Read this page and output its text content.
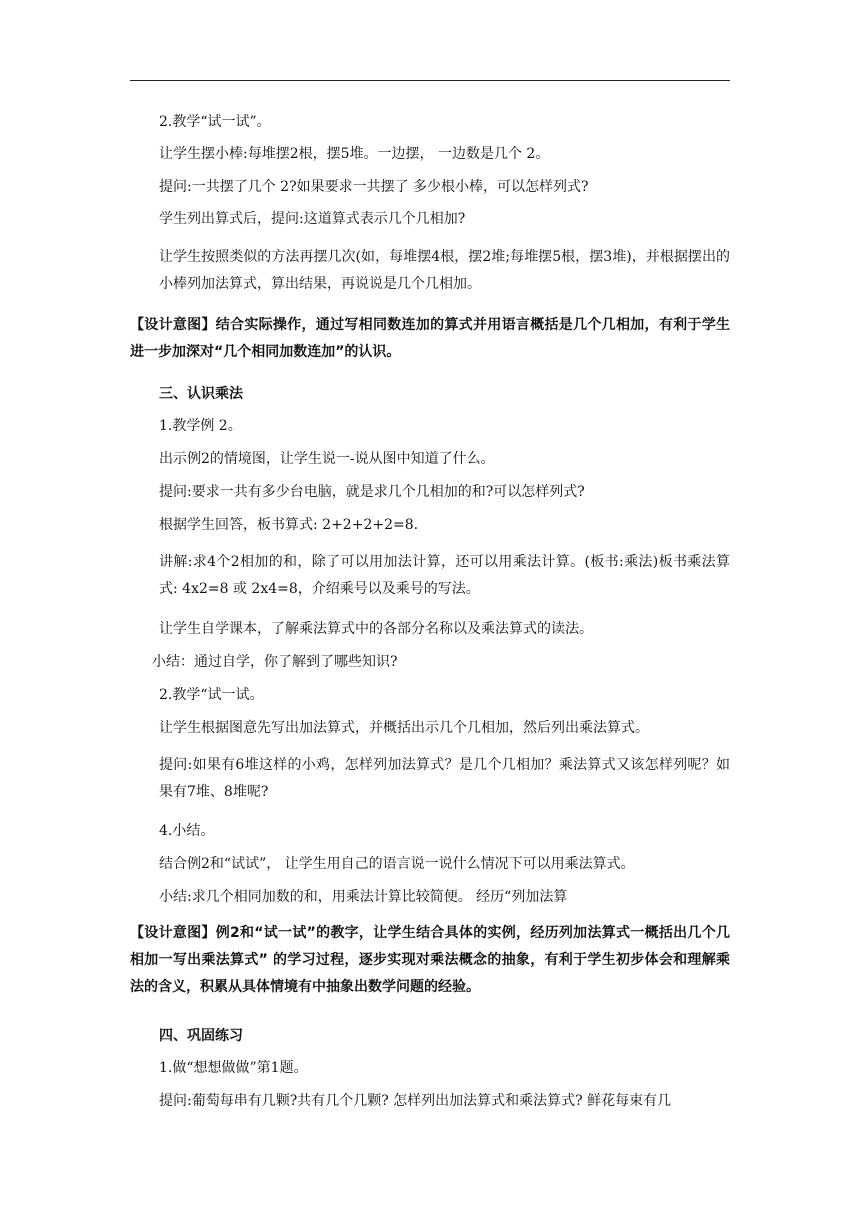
2.教学“试一试”。
让学生摆小棒:每堆摆2根，摆5堆。一边摆， 一边数是几个 2。
提问:一共摆了几个 2?如果要求一共摆了 多少根小棒，可以怎样列式?
学生列出算式后，提问:这道算式表示几个几相加?
让学生按照类似的方法再摆几次(如，每堆摆4根，摆2堆;每堆摆5根，摆3堆)，并根据摆出的小棒列加法算式，算出结果，再说说是几个几相加。
【设计意图】结合实际操作，通过写相同数连加的算式并用语言概括是几个几相加，有利于学生进一步加深对“几个相同加数连加”的认识。
三、认识乘法
1.教学例 2。
出示例2的情境图，让学生说一-说从图中知道了什么。
提问:要求一共有多少台电脑，就是求几个几相加的和?可以怎样列式?
根据学生回答，板书算式: 2+2+2+2=8.
讲解:求4个2相加的和，除了可以用加法计算，还可以用乘法计算。(板书:乘法)板书乘法算式: 4x2=8 或 2x4=8，介绍乘号以及乘号的写法。
让学生自学课本，了解乘法算式中的各部分名称以及乘法算式的读法。
小结：通过自学，你了解到了哪些知识?
2.教学“试一试。
让学生根据图意先写出加法算式，并概括出示几个几相加，然后列出乘法算式。
提问:如果有6堆这样的小鸡，怎样列加法算式？是几个几相加？乘法算式又该怎样列呢？如果有7堆、8堆呢?
4.小结。
结合例2和“试试”， 让学生用自己的语言说一说什么情况下可以用乘法算式。
小结:求几个相同加数的和，用乘法计算比较简便。 经历“列加法算
【设计意图】例2和“试一试”的教字，让学生结合具体的实例，经历列加法算式一概括出几个几相加一写出乘法算式” 的学习过程，逐步实现对乘法概念的抽象，有利于学生初步体会和理解乘法的含义，积累从具体情境有中抽象出数学问题的经验。
四、巩固练习
1.做“想想做做”第1题。
提问:葡萄每串有几颗?共有几个几颗? 怎样列出加法算式和乘法算式? 鲜花每束有几
